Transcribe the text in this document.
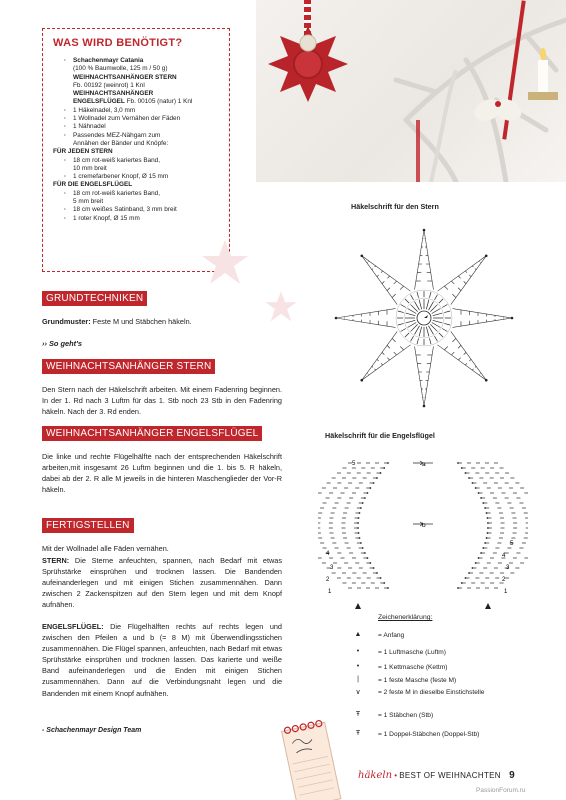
WAS WIRD BENÖTIGT?
· Schachenmayr Catania
(100 % Baumwolle, 125 m / 50 g)
WEIHNACHTSANHÄNGER STERN
Fb. 00192 (weinrot) 1 Knl
WEIHNACHTSANHÄNGER
ENGELSFLÜGEL Fb. 00105 (natur) 1 Knl
· 1 Häkelnadel, 3,0 mm
· 1 Wollnadel zum Vernähen der Fäden
· 1 Nähnadel
· Passendes MEZ-Nähgarn zum
Annähen der Bänder und Knöpfe:
FÜR JEDEN STERN
· 18 cm rot-weiß kariertes Band,
10 mm breit
· 1 cremefarbener Knopf, Ø 15 mm
FÜR DIE ENGELSFLÜGEL
· 18 cm rot-weiß kariertes Band,
5 mm breit
· 18 cm weißes Satinband, 3 mm breit
· 1 roter Knopf, Ø 15 mm
GRUNDTECHNIKEN

Grundmuster: Feste M und Stäbchen häkeln.

›› So geht's
WEIHNACHTSANHÄNGER STERN

Den Stern nach der Häkelschrift arbeiten. Mit einem Fadenring beginnen. In der 1. Rd nach 3 Luftm für das 1. Stb noch 23 Stb in den Fadenring häkeln. Nach der 3. Rd enden.

WEIHNACHTSANHÄNGER ENGELSFLÜGEL

Die linke und rechte Flügelhälfte nach der entsprechenden Häkelschrift arbeiten,mit insgesamt 26 Luftm beginnen und die 1. bis 5. R häkeln, dabei ab der 2. R alle M jeweils in die hinteren Maschenglieder der Vor-R häkeln.

FERTIGSTELLEN

Mit der Wollnadel alle Fäden vernähen.

STERN: Die Sterne anfeuchten, spannen, nach Bedarf mit etwas Sprühstärke einsprühen und trocknen lassen. Die Bandenden aufeinanderlegen und mit einigen Stichen zusammennähen. Dann zwischen 2 Zackenspitzen auf den Stern legen und mit dem Knopf aufnähen.

ENGELSFLÜGEL: Die Flügelhälften rechts auf rechts legen und zwischen den Pfeilen a und b (= 8 M) mit Überwendlingsstichen zusammennähen. Die Flügel spannen, anfeuchten, nach Bedarf mit etwas Sprühstärke einsprühen und trocknen lassen. Das karierte und weiße Band aufeinanderlegen und die Enden mit einigen Stichen zusammennähen. Dann auf die Verbindungsnaht legen und die Bandenden mit einem Knopf aufnähen.

- Schachenmayr Design Team
Häkelschrift für den Stern
Häkelschrift für die Engelsflügel
5
4
3
2
1
5
4
3
2
1
a
b
Zeichenerklärung:
▲	= Anfang
•	= 1 Luftmasche (Luftm)
•	= 1 Kettmasche (Kettm)
|	= 1 feste Masche (feste M)
∨	= 2 feste M in dieselbe Einstichstelle
Ŧ	= 1 Stäbchen (Stb)
Ŧ	= 1 Doppel-Stäbchen (Doppel-Stb)
häkeln • BEST OF WEIHNACHTEN 9
PassionForum.ru
